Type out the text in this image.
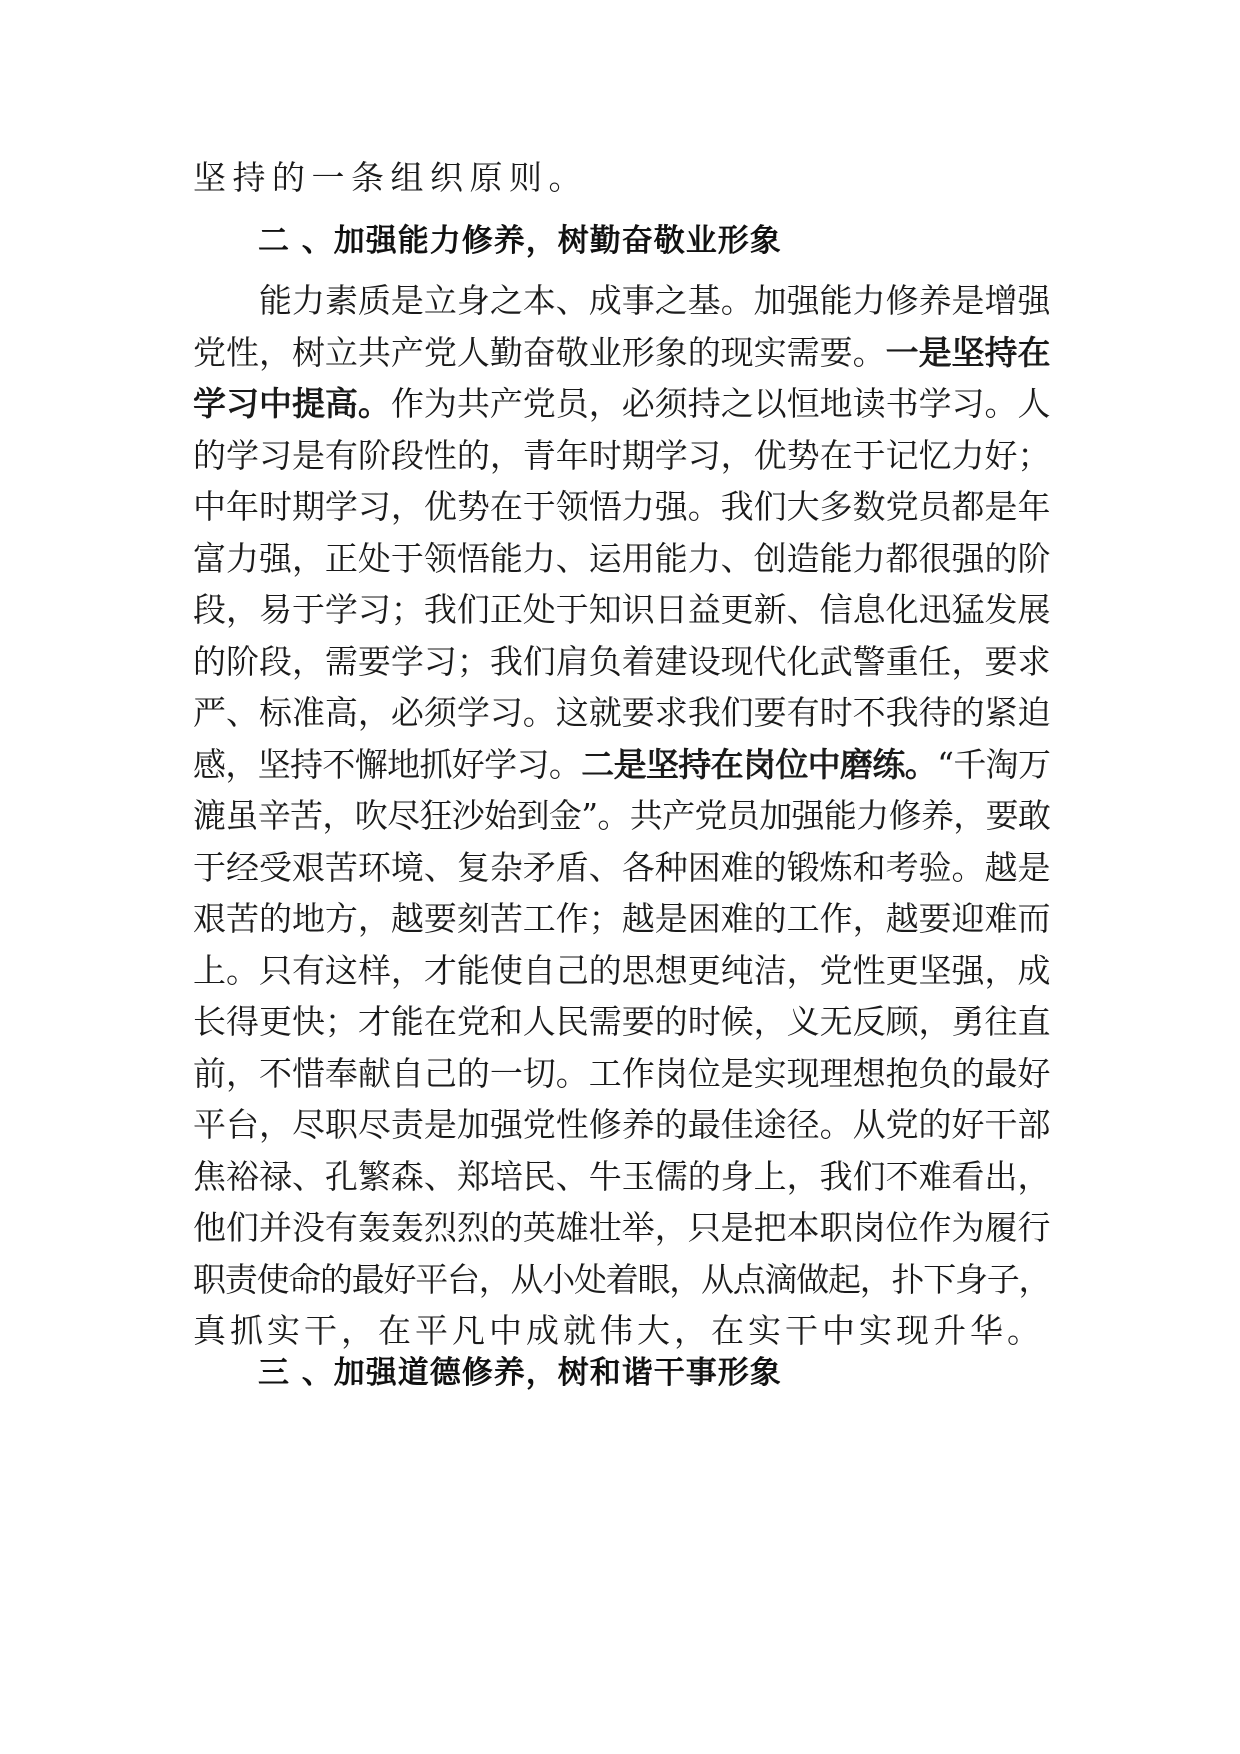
坚持的一条组织原则。
二 、加强能力修养，树勤奋敬业形象
能力素质是立身之本、成事之基。加强能力修养是增强
党性，树立共产党人勤奋敬业形象的现实需要。一是坚持在
学习中提高。作为共产党员，必须持之以恒地读书学习。人
的学习是有阶段性的，青年时期学习，优势在于记忆力好；
中年时期学习，优势在于领悟力强。我们大多数党员都是年
富力强，正处于领悟能力、运用能力、创造能力都很强的阶
段，易于学习；我们正处于知识日益更新、信息化迅猛发展
的阶段，需要学习；我们肩负着建设现代化武警重任，要求
严、标准高，必须学习。这就要求我们要有时不我待的紧迫
感，坚持不懈地抓好学习。二是坚持在岗位中磨练。“千淘万
漉虽辛苦，吹尽狂沙始到金”。共产党员加强能力修养，要敢
于经受艰苦环境、复杂矛盾、各种困难的锻炼和考验。越是
艰苦的地方，越要刻苦工作；越是困难的工作，越要迎难而
上。只有这样，才能使自己的思想更纯洁，党性更坚强，成
长得更快；才能在党和人民需要的时候，义无反顾，勇往直
前，不惜奉献自己的一切。工作岗位是实现理想抱负的最好
平台，尽职尽责是加强党性修养的最佳途径。从党的好干部
焦裕禄、孔繁森、郑培民、牛玉儒的身上，我们不难看出，
他们并没有轰轰烈烈的英雄壮举，只是把本职岗位作为履行
职责使命的最好平台，从小处着眼，从点滴做起，扑下身子，
真抓实干，在平凡中成就伟大，在实干中实现升华。
三 、加强道德修养，树和谐干事形象
